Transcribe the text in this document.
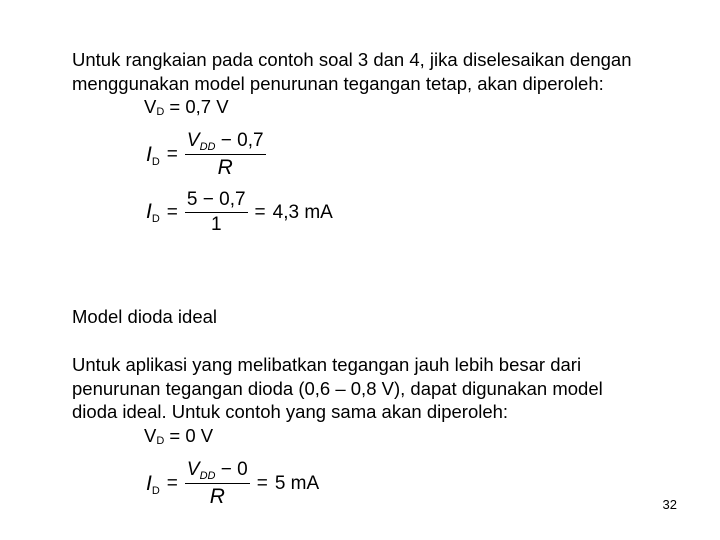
Untuk rangkaian pada contoh soal 3 dan 4, jika diselesaikan dengan
menggunakan model penurunan tegangan tetap, akan diperoleh:

$V_D = 0,7$ V
$I_D = \frac{V_{DD} - 0,7}{R}$
$I_D = \frac{5 - 0,7}{1} = 4,3$ mA

Model dioda ideal

Untuk aplikasi yang melibatkan tegangan jauh lebih besar dari
penurunan tegangan dioda (0,6 – 0,8 V), dapat digunakan model
dioda ideal. Untuk contoh yang sama akan diperoleh:

$V_D = 0$ V
$I_D = \frac{V_{DD} - 0}{R} = 5$ mA
32
